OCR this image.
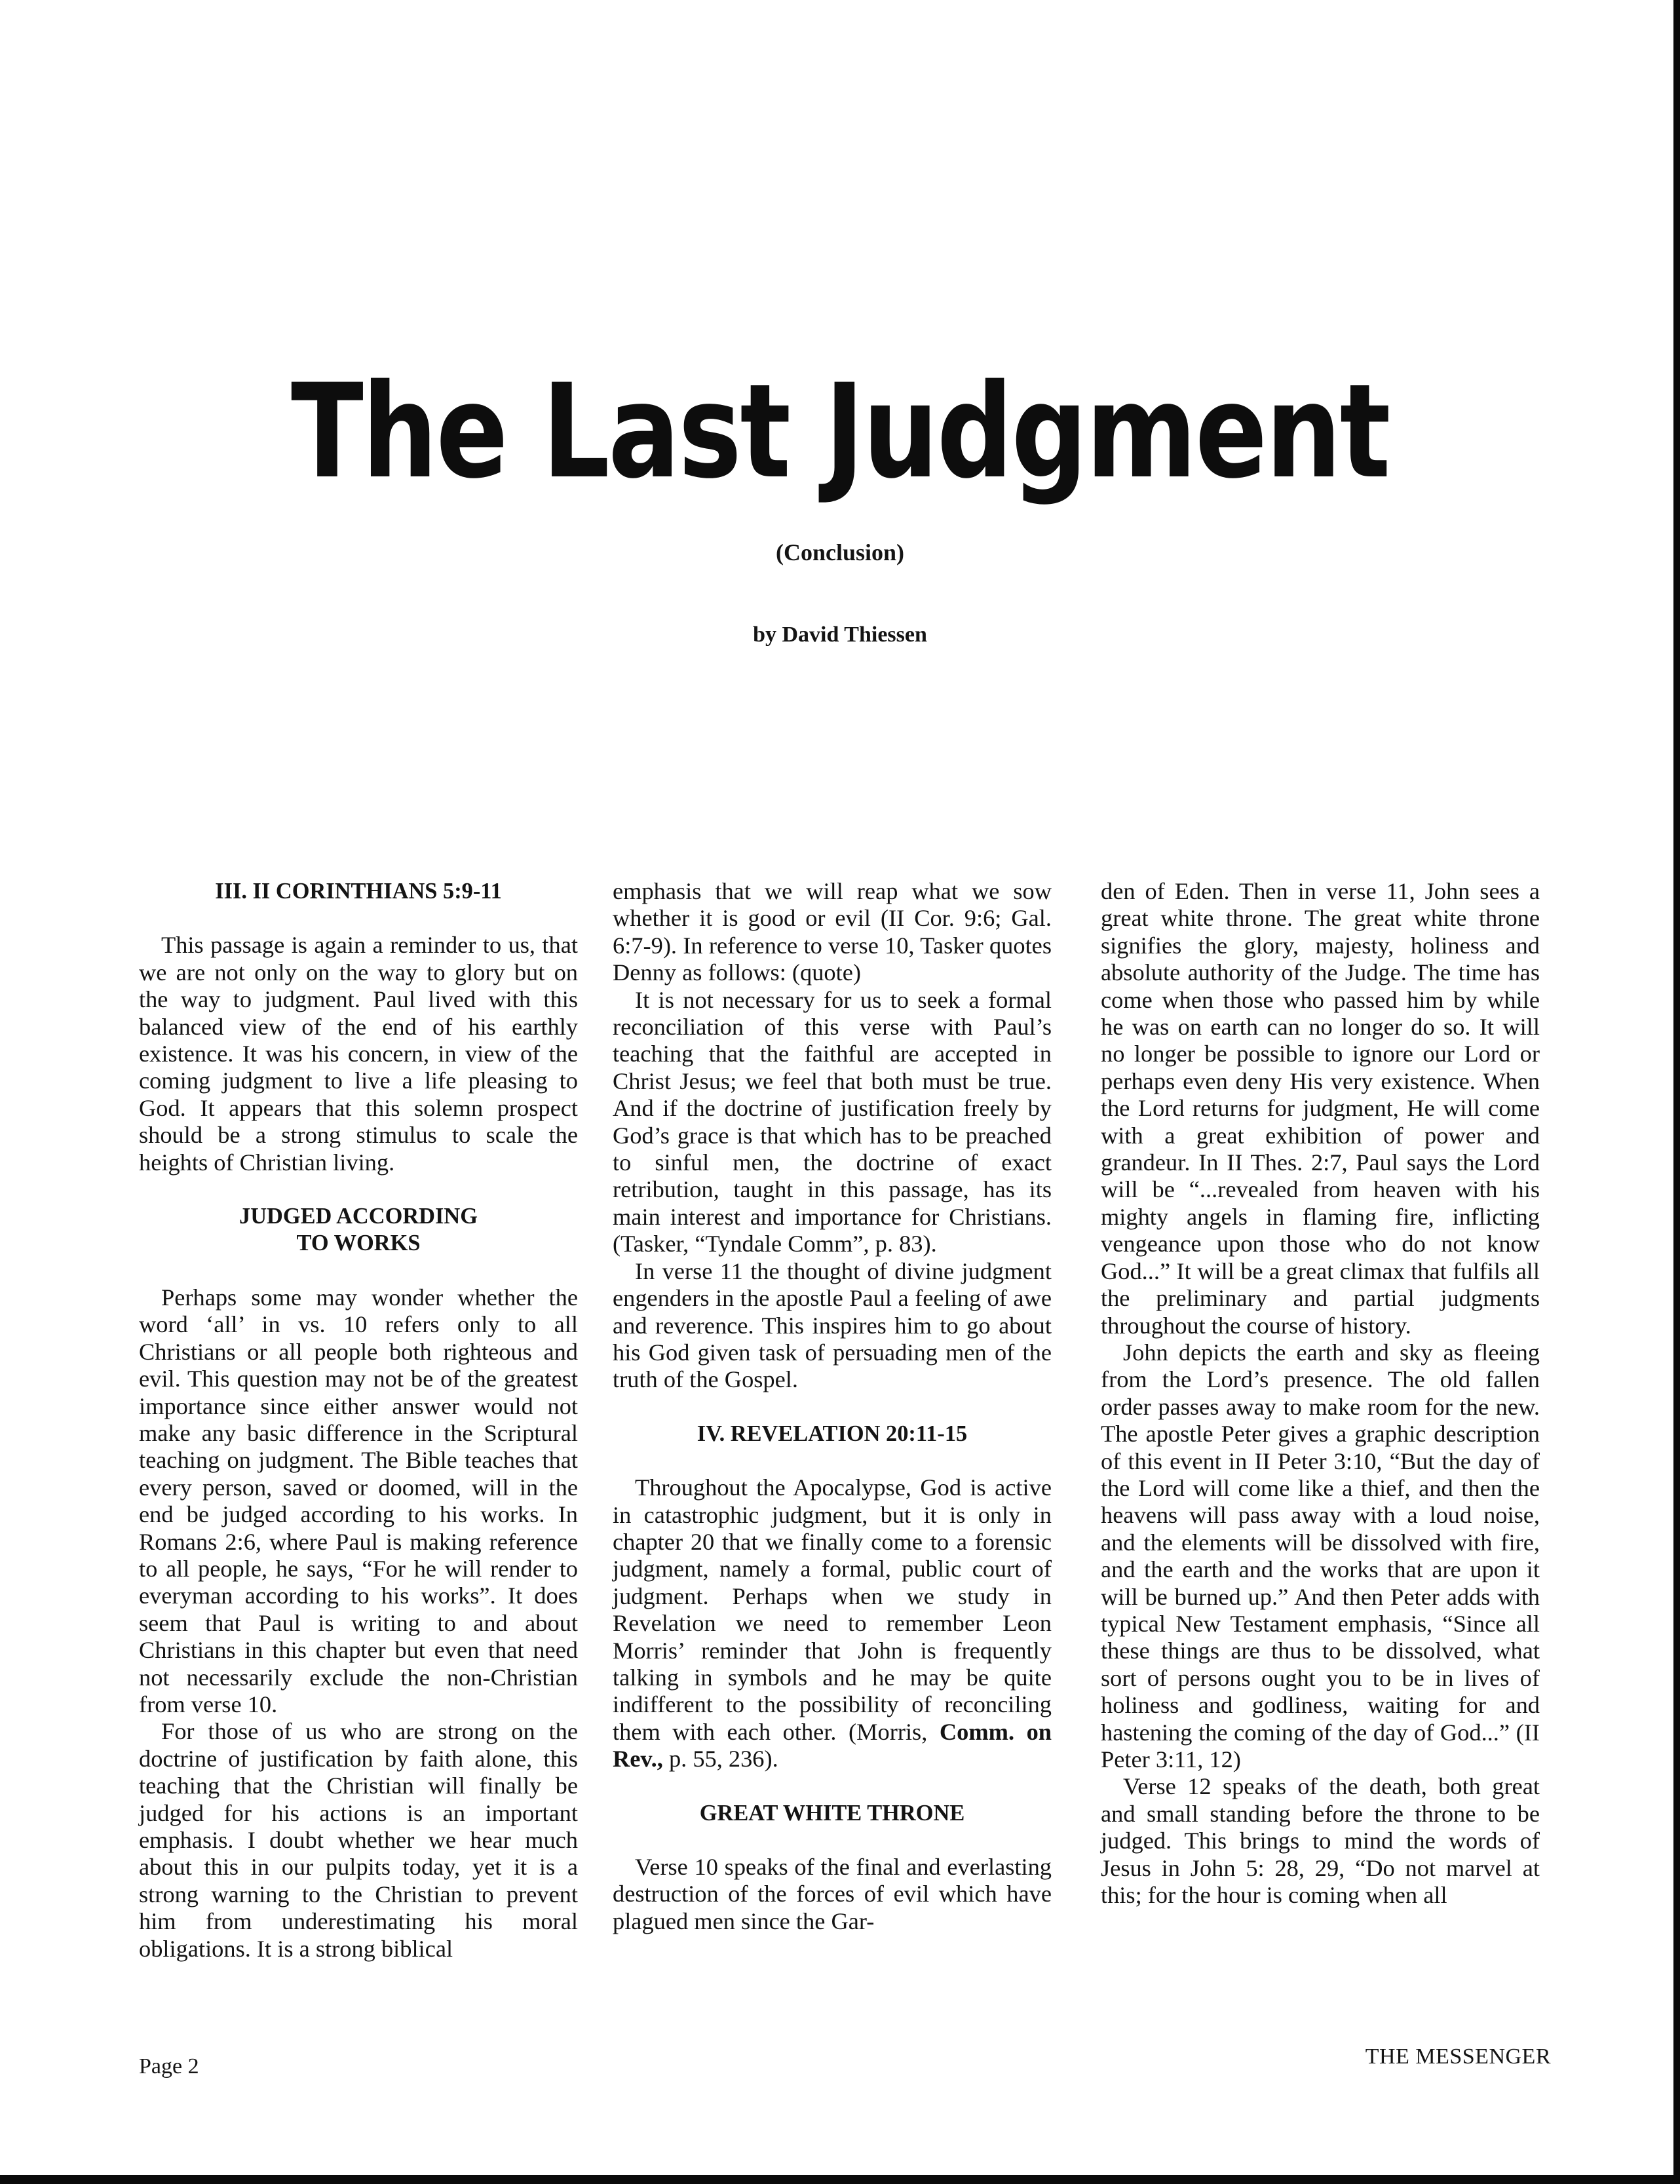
The Last Judgment
(Conclusion)
by David Thiessen
III. II CORINTHIANS 5:9-11

This passage is again a reminder to us, that we are not only on the way to glory but on the way to judgment. Paul lived with this balanced view of the end of his earthly existence. It was his concern, in view of the coming judgment to live a life pleasing to God. It appears that this solemn prospect should be a strong stimulus to scale the heights of Christian living.

JUDGED ACCORDING
TO WORKS

Perhaps some may wonder whether the word ‘all’ in vs. 10 refers only to all Christians or all people both righteous and evil. This question may not be of the greatest importance since either answer would not make any basic difference in the Scriptural teaching on judgment. The Bible teaches that every person, saved or doomed, will in the end be judged according to his works. In Romans 2:6, where Paul is making reference to all people, he says, “For he will render to everyman according to his works”. It does seem that Paul is writing to and about Christians in this chapter but even that need not necessarily exclude the non-Christian from verse 10.

For those of us who are strong on the doctrine of justification by faith alone, this teaching that the Christian will finally be judged for his actions is an important emphasis. I doubt whether we hear much about this in our pulpits today, yet it is a strong warning to the Christian to prevent him from underestimating his moral obligations. It is a strong biblical

emphasis that we will reap what we sow whether it is good or evil (II Cor. 9:6; Gal. 6:7-9). In reference to verse 10, Tasker quotes Denny as follows: (quote)

It is not necessary for us to seek a formal reconciliation of this verse with Paul’s teaching that the faithful are accepted in Christ Jesus; we feel that both must be true. And if the doctrine of justification freely by God’s grace is that which has to be preached to sinful men, the doctrine of exact retribution, taught in this passage, has its main interest and importance for Christians. (Tasker, “Tyndale Comm”, p. 83).

In verse 11 the thought of divine judgment engenders in the apostle Paul a feeling of awe and reverence. This inspires him to go about his God given task of persuading men of the truth of the Gospel.

IV. REVELATION 20:11-15

Throughout the Apocalypse, God is active in catastrophic judgment, but it is only in chapter 20 that we finally come to a forensic judgment, namely a formal, public court of judgment. Perhaps when we study in Revelation we need to remember Leon Morris’ reminder that John is frequently talking in symbols and he may be quite indifferent to the possibility of reconciling them with each other. (Morris, Comm. on Rev., p. 55, 236).

GREAT WHITE THRONE

Verse 10 speaks of the final and everlasting destruction of the forces of evil which have plagued men since the Gar-

den of Eden. Then in verse 11, John sees a great white throne. The great white throne signifies the glory, majesty, holiness and absolute authority of the Judge. The time has come when those who passed him by while he was on earth can no longer do so. It will no longer be possible to ignore our Lord or perhaps even deny His very existence. When the Lord returns for judgment, He will come with a great exhibition of power and grandeur. In II Thes. 2:7, Paul says the Lord will be “...revealed from heaven with his mighty angels in flaming fire, inflicting vengeance upon those who do not know God...” It will be a great climax that fulfils all the preliminary and partial judgments throughout the course of history.

John depicts the earth and sky as fleeing from the Lord’s presence. The old fallen order passes away to make room for the new. The apostle Peter gives a graphic description of this event in II Peter 3:10, “But the day of the Lord will come like a thief, and then the heavens will pass away with a loud noise, and the elements will be dissolved with fire, and the earth and the works that are upon it will be burned up.” And then Peter adds with typical New Testament emphasis, “Since all these things are thus to be dissolved, what sort of persons ought you to be in lives of holiness and godliness, waiting for and hastening the coming of the day of God...” (II Peter 3:11, 12)

Verse 12 speaks of the death, both great and small standing before the throne to be judged. This brings to mind the words of Jesus in John 5: 28, 29, “Do not marvel at this; for the hour is coming when all

Page 2	THE MESSENGER
